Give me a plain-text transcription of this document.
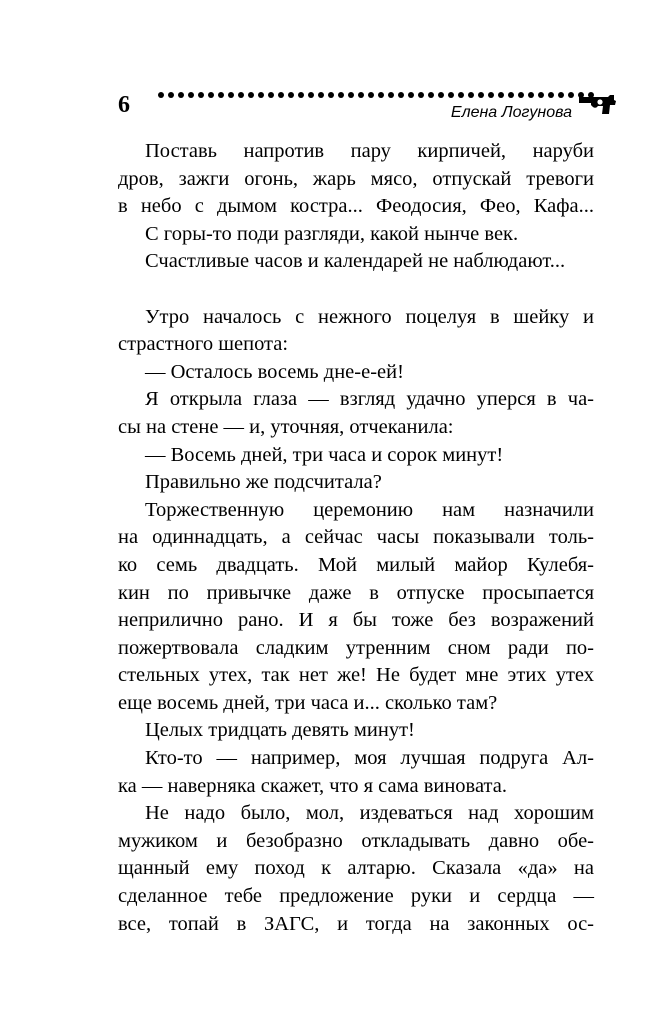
6	Елена Логунова
Поставь напротив пару кирпичей, наруби
дров, зажги огонь, жарь мясо, отпускай тревоги
в небо с дымом костра... Феодосия, Фео, Кафа...
С горы-то поди разгляди, какой нынче век.
Счастливые часов и календарей не наблюдают...
Утро началось с нежного поцелуя в шейку и
страстного шепота:
— Осталось восемь дне-е-ей!
Я открыла глаза — взгляд удачно уперся в ча-
сы на стене — и, уточняя, отчеканила:
— Восемь дней, три часа и сорок минут!
Правильно же подсчитала?
Торжественную церемонию нам назначили
на одиннадцать, а сейчас часы показывали толь-
ко семь двадцать. Мой милый майор Кулебя-
кин по привычке даже в отпуске просыпается
неприлично рано. И я бы тоже без возражений
пожертвовала сладким утренним сном ради по-
стельных утех, так нет же! Не будет мне этих утех
еще восемь дней, три часа и... сколько там?
Целых тридцать девять минут!
Кто-то — например, моя лучшая подруга Ал-
ка — наверняка скажет, что я сама виновата.
Не надо было, мол, издеваться над хорошим
мужиком и безобразно откладывать давно обе-
щанный ему поход к алтарю. Сказала «да» на
сделанное тебе предложение руки и сердца —
все, топай в ЗАГС, и тогда на законных ос-
